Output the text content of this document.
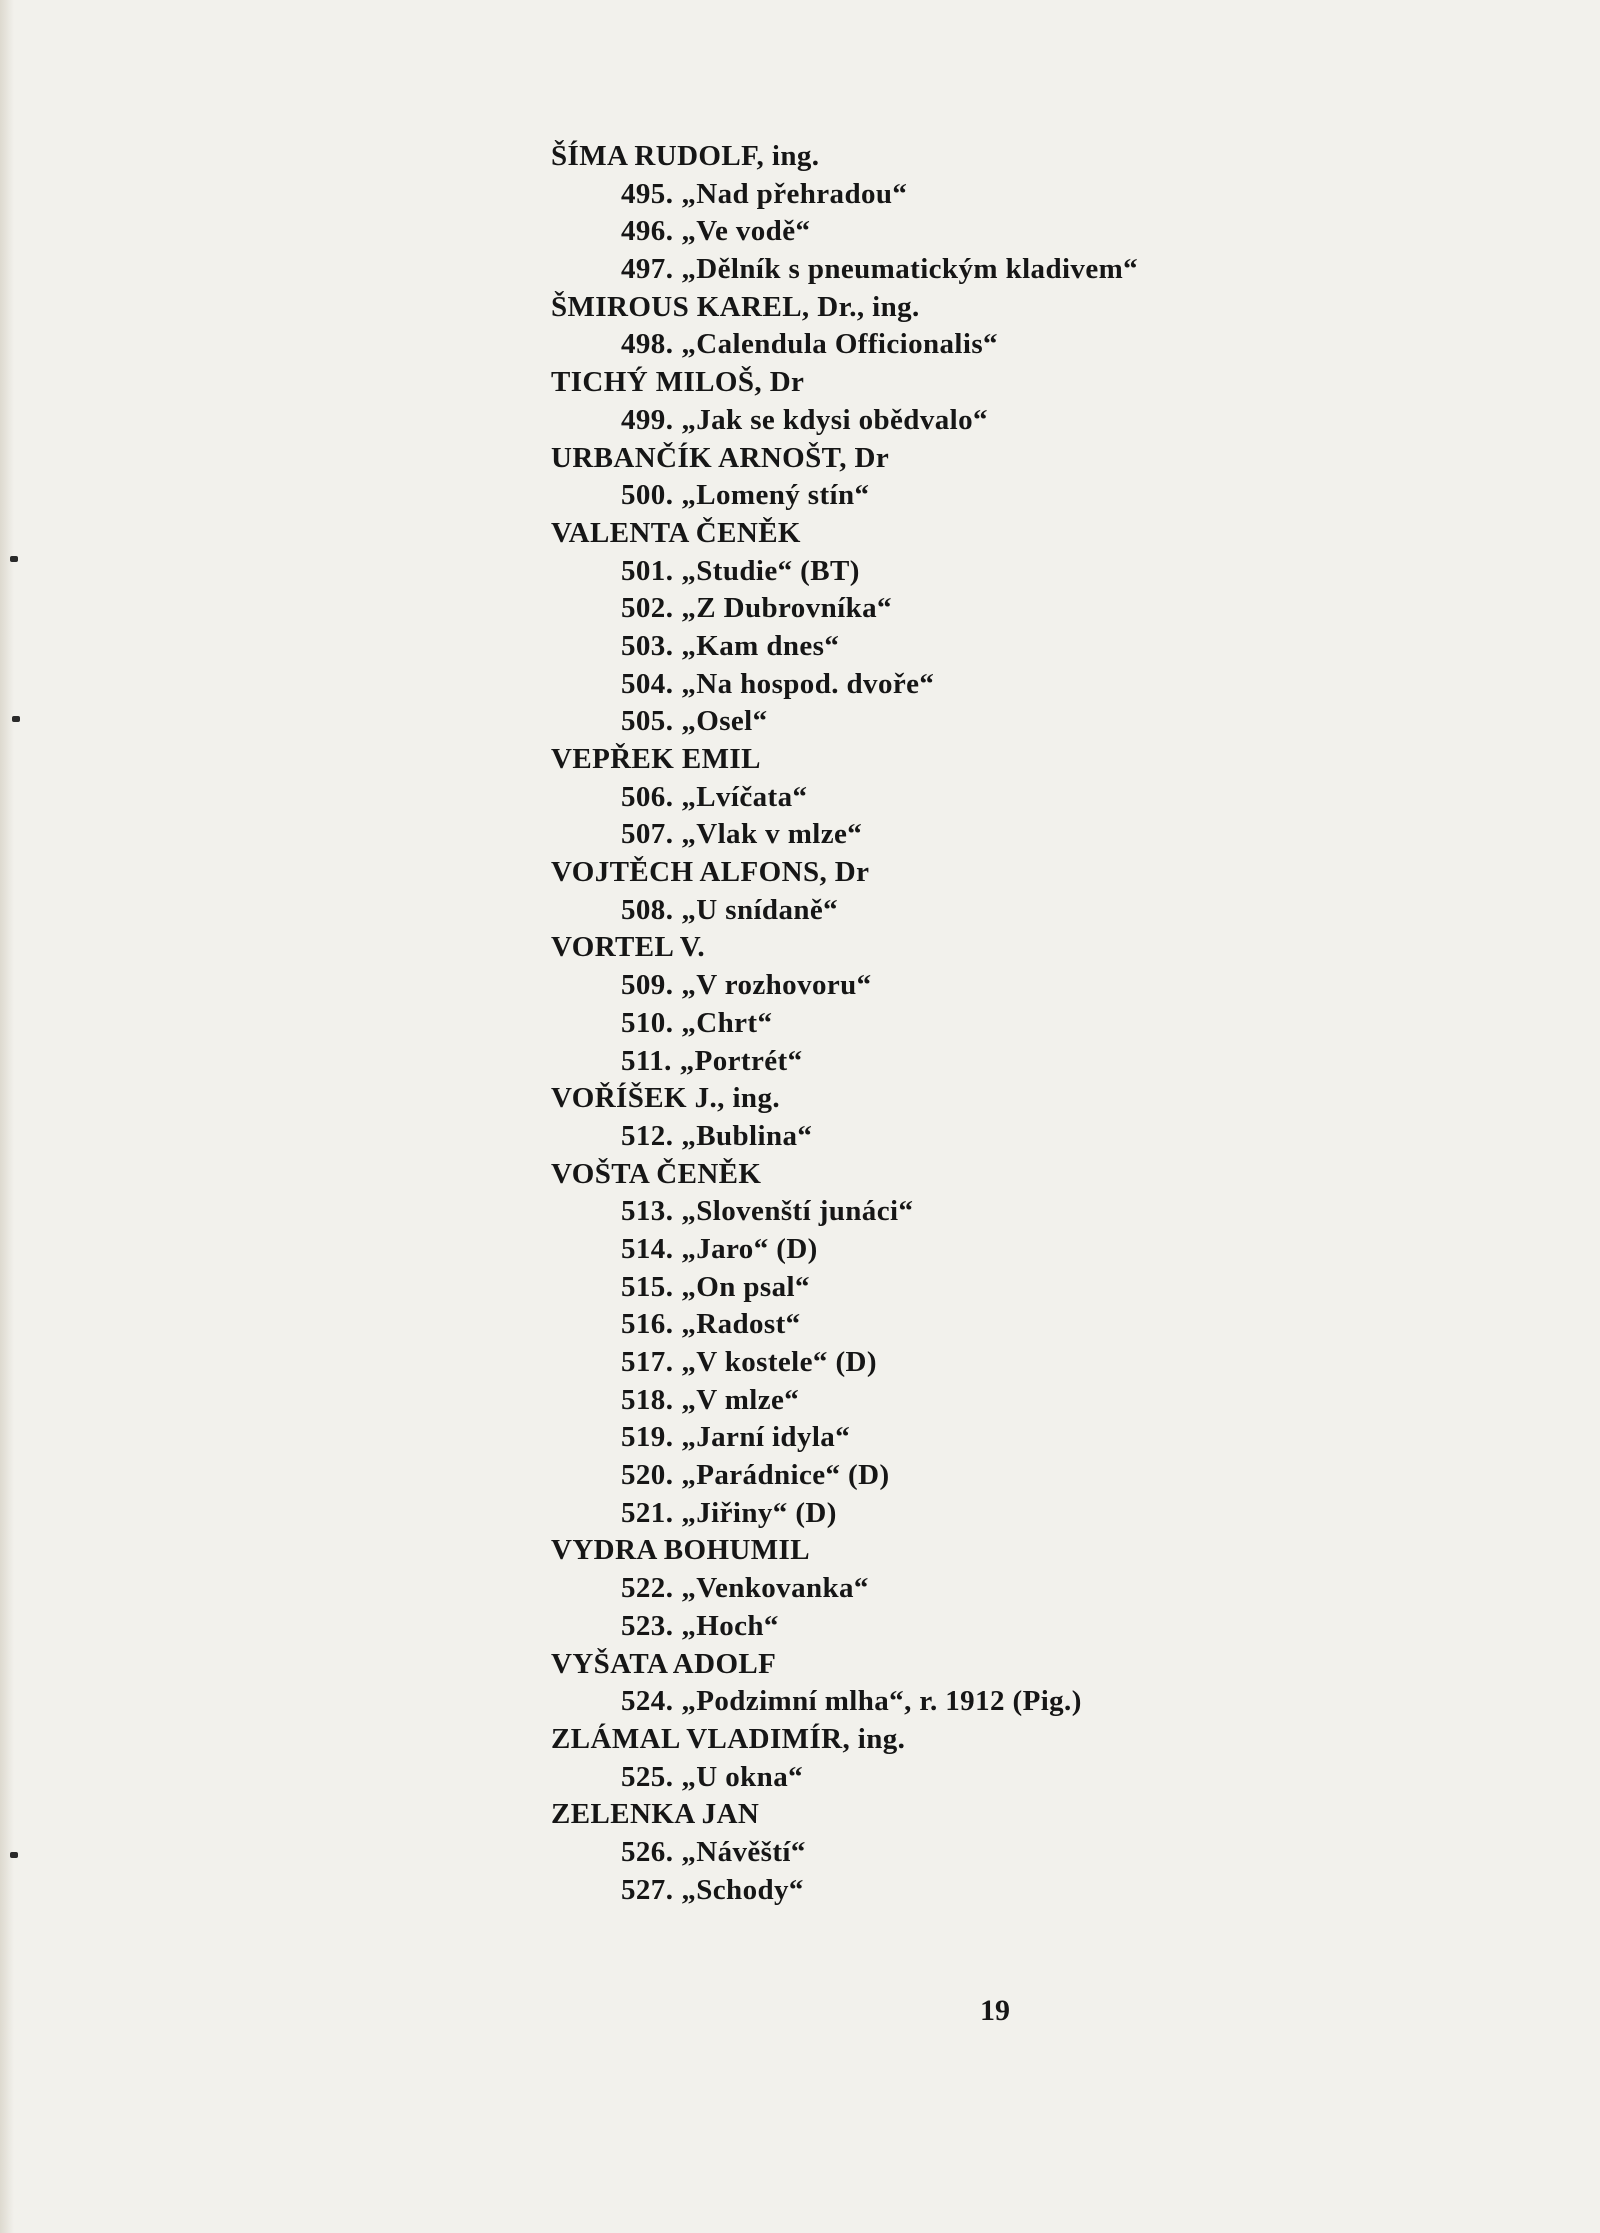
ŠÍMA RUDOLF, ing.
495. „Nad přehradou“
496. „Ve vodě“
497. „Dělník s pneumatickým kladivem“
ŠMIROUS KAREL, Dr., ing.
498. „Calendula Officionalis“
TICHÝ MILOŠ, Dr
499. „Jak se kdysi obědvalo“
URBANČÍK ARNOŠT, Dr
500. „Lomený stín“
VALENTA ČENĚK
501. „Studie“ (BT)
502. „Z Dubrovníka“
503. „Kam dnes“
504. „Na hospod. dvoře“
505. „Osel“
VEPŘEK EMIL
506. „Lvíčata“
507. „Vlak v mlze“
VOJTĚCH ALFONS, Dr
508. „U snídaně“
VORTEL V.
509. „V rozhovoru“
510. „Chrt“
511. „Portrét“
VOŘÍŠEK J., ing.
512. „Bublina“
VOŠTA ČENĚK
513. „Slovenští junáci“
514. „Jaro“ (D)
515. „On psal“
516. „Radost“
517. „V kostele“ (D)
518. „V mlze“
519. „Jarní idyla“
520. „Parádnice“ (D)
521. „Jiřiny“ (D)
VYDRA BOHUMIL
522. „Venkovanka“
523. „Hoch“
VYŠATA ADOLF
524. „Podzimní mlha“, r. 1912 (Pig.)
ZLÁMAL VLADIMÍR, ing.
525. „U okna“
ZELENKA JAN
526. „Návěští“
527. „Schody“
19
